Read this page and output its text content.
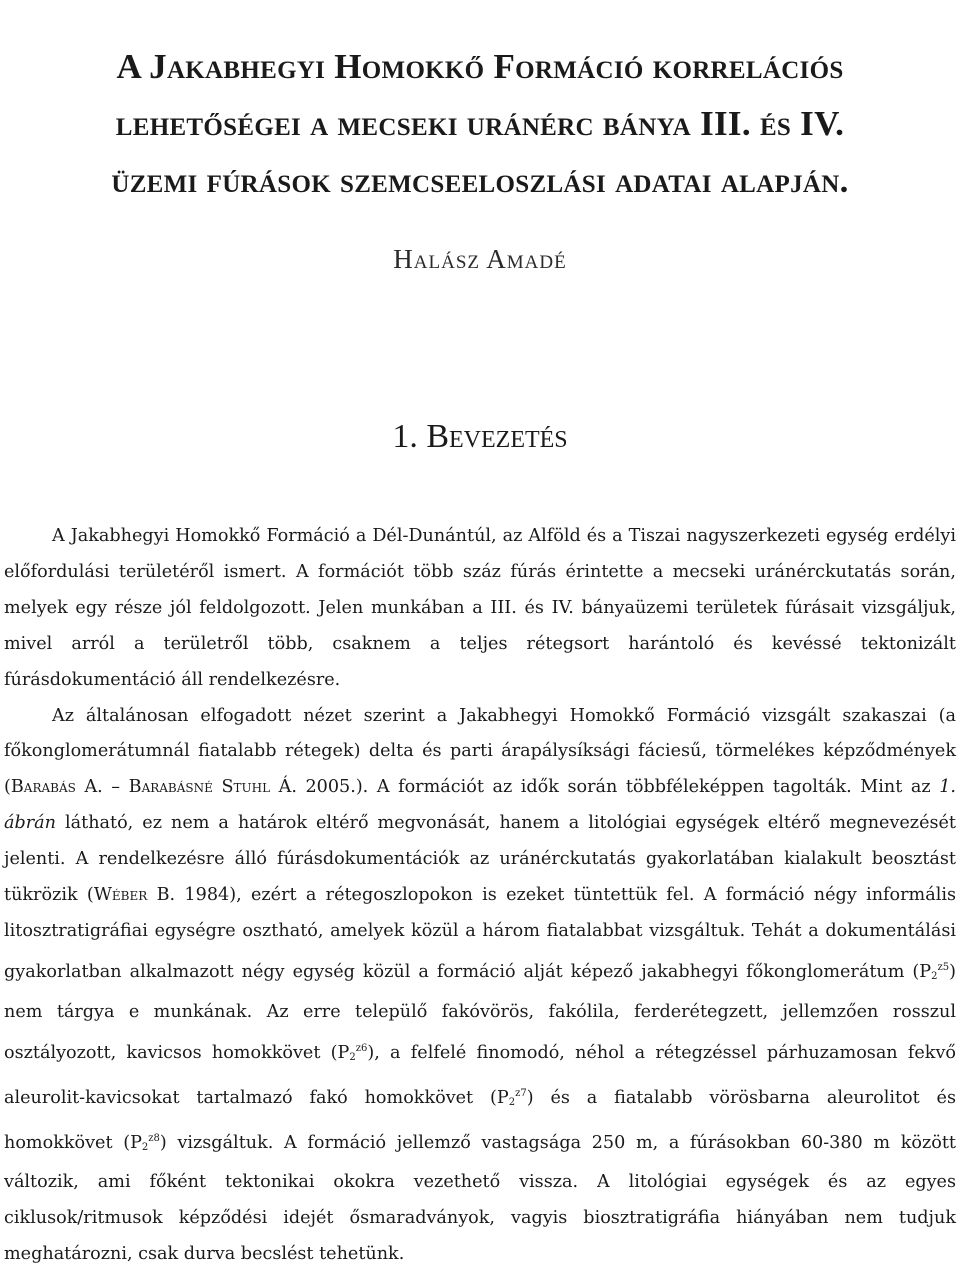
A Jakabhegyi Homokkő Formáció korrelációs
lehetőségei a mecseki uránérc bánya III. és IV.
üzemi fúrások szemcseeloszlási adatai alapján.
Halász Amadé
1. Bevezetés

A Jakabhegyi Homokkő Formáció a Dél-Dunántúl, az Alföld és a Tiszai nagyszerkezeti egység erdélyi előfordulási területéről ismert. A formációt több száz fúrás érintette a mecseki uránérckutatás során, melyek egy része jól feldolgozott. Jelen munkában a III. és IV. bányaüzemi területek fúrásait vizsgáljuk, mivel arról a területről több, csaknem a teljes rétegsort harántoló és kevéssé tektonizált fúrásdokumentáció áll rendelkezésre.

Az általánosan elfogadott nézet szerint a Jakabhegyi Homokkő Formáció vizsgált szakaszai (a főkonglomerátumnál fiatalabb rétegek) delta és parti árapálysíksági fáciesű, törmelékes képződmények (Barabás A. – Barabásné Stuhl Á. 2005.). A formációt az idők során többféleképpen tagolták. Mint az 1. ábrán látható, ez nem a határok eltérő megvonását, hanem a litológiai egységek eltérő megnevezését jelenti. A rendelkezésre álló fúrásdokumentációk az uránérckutatás gyakorlatában kialakult beosztást tükrözik (Wéber B. 1984), ezért a rétegoszlopokon is ezeket tüntettük fel. A formáció négy informális litosztratigráfiai egységre osztható, amelyek közül a három fiatalabbat vizsgáltuk. Tehát a dokumentálási gyakorlatban alkalmazott négy egység közül a formáció alját képező jakabhegyi főkonglomerátum $(P_2^{z5})$ nem tárgya e munkának. Az erre települő fakóvörös, fakólila, ferderétegzett, jellemzően rosszul osztályozott, kavicsos homokkövet $(P_2^{z6})$, a felfelé finomodó, néhol a rétegzéssel párhuzamosan fekvő aleurolit-kavicsokat tartalmazó fakó homokkövet $(P_2^{z7})$ és a fiatalabb vörösbarna aleurolitot és homokkövet $(P_2^{z8})$ vizsgáltuk. A formáció jellemző vastagsága 250 m, a fúrásokban 60-380 m között változik, ami főként tektonikai okokra vezethető vissza. A litológiai egységek és az egyes ciklusok/ritmusok képződési idejét ősmaradványok, vagyis biosztratigráfia hiányában nem tudjuk meghatározni, csak durva becslést tehetünk.
